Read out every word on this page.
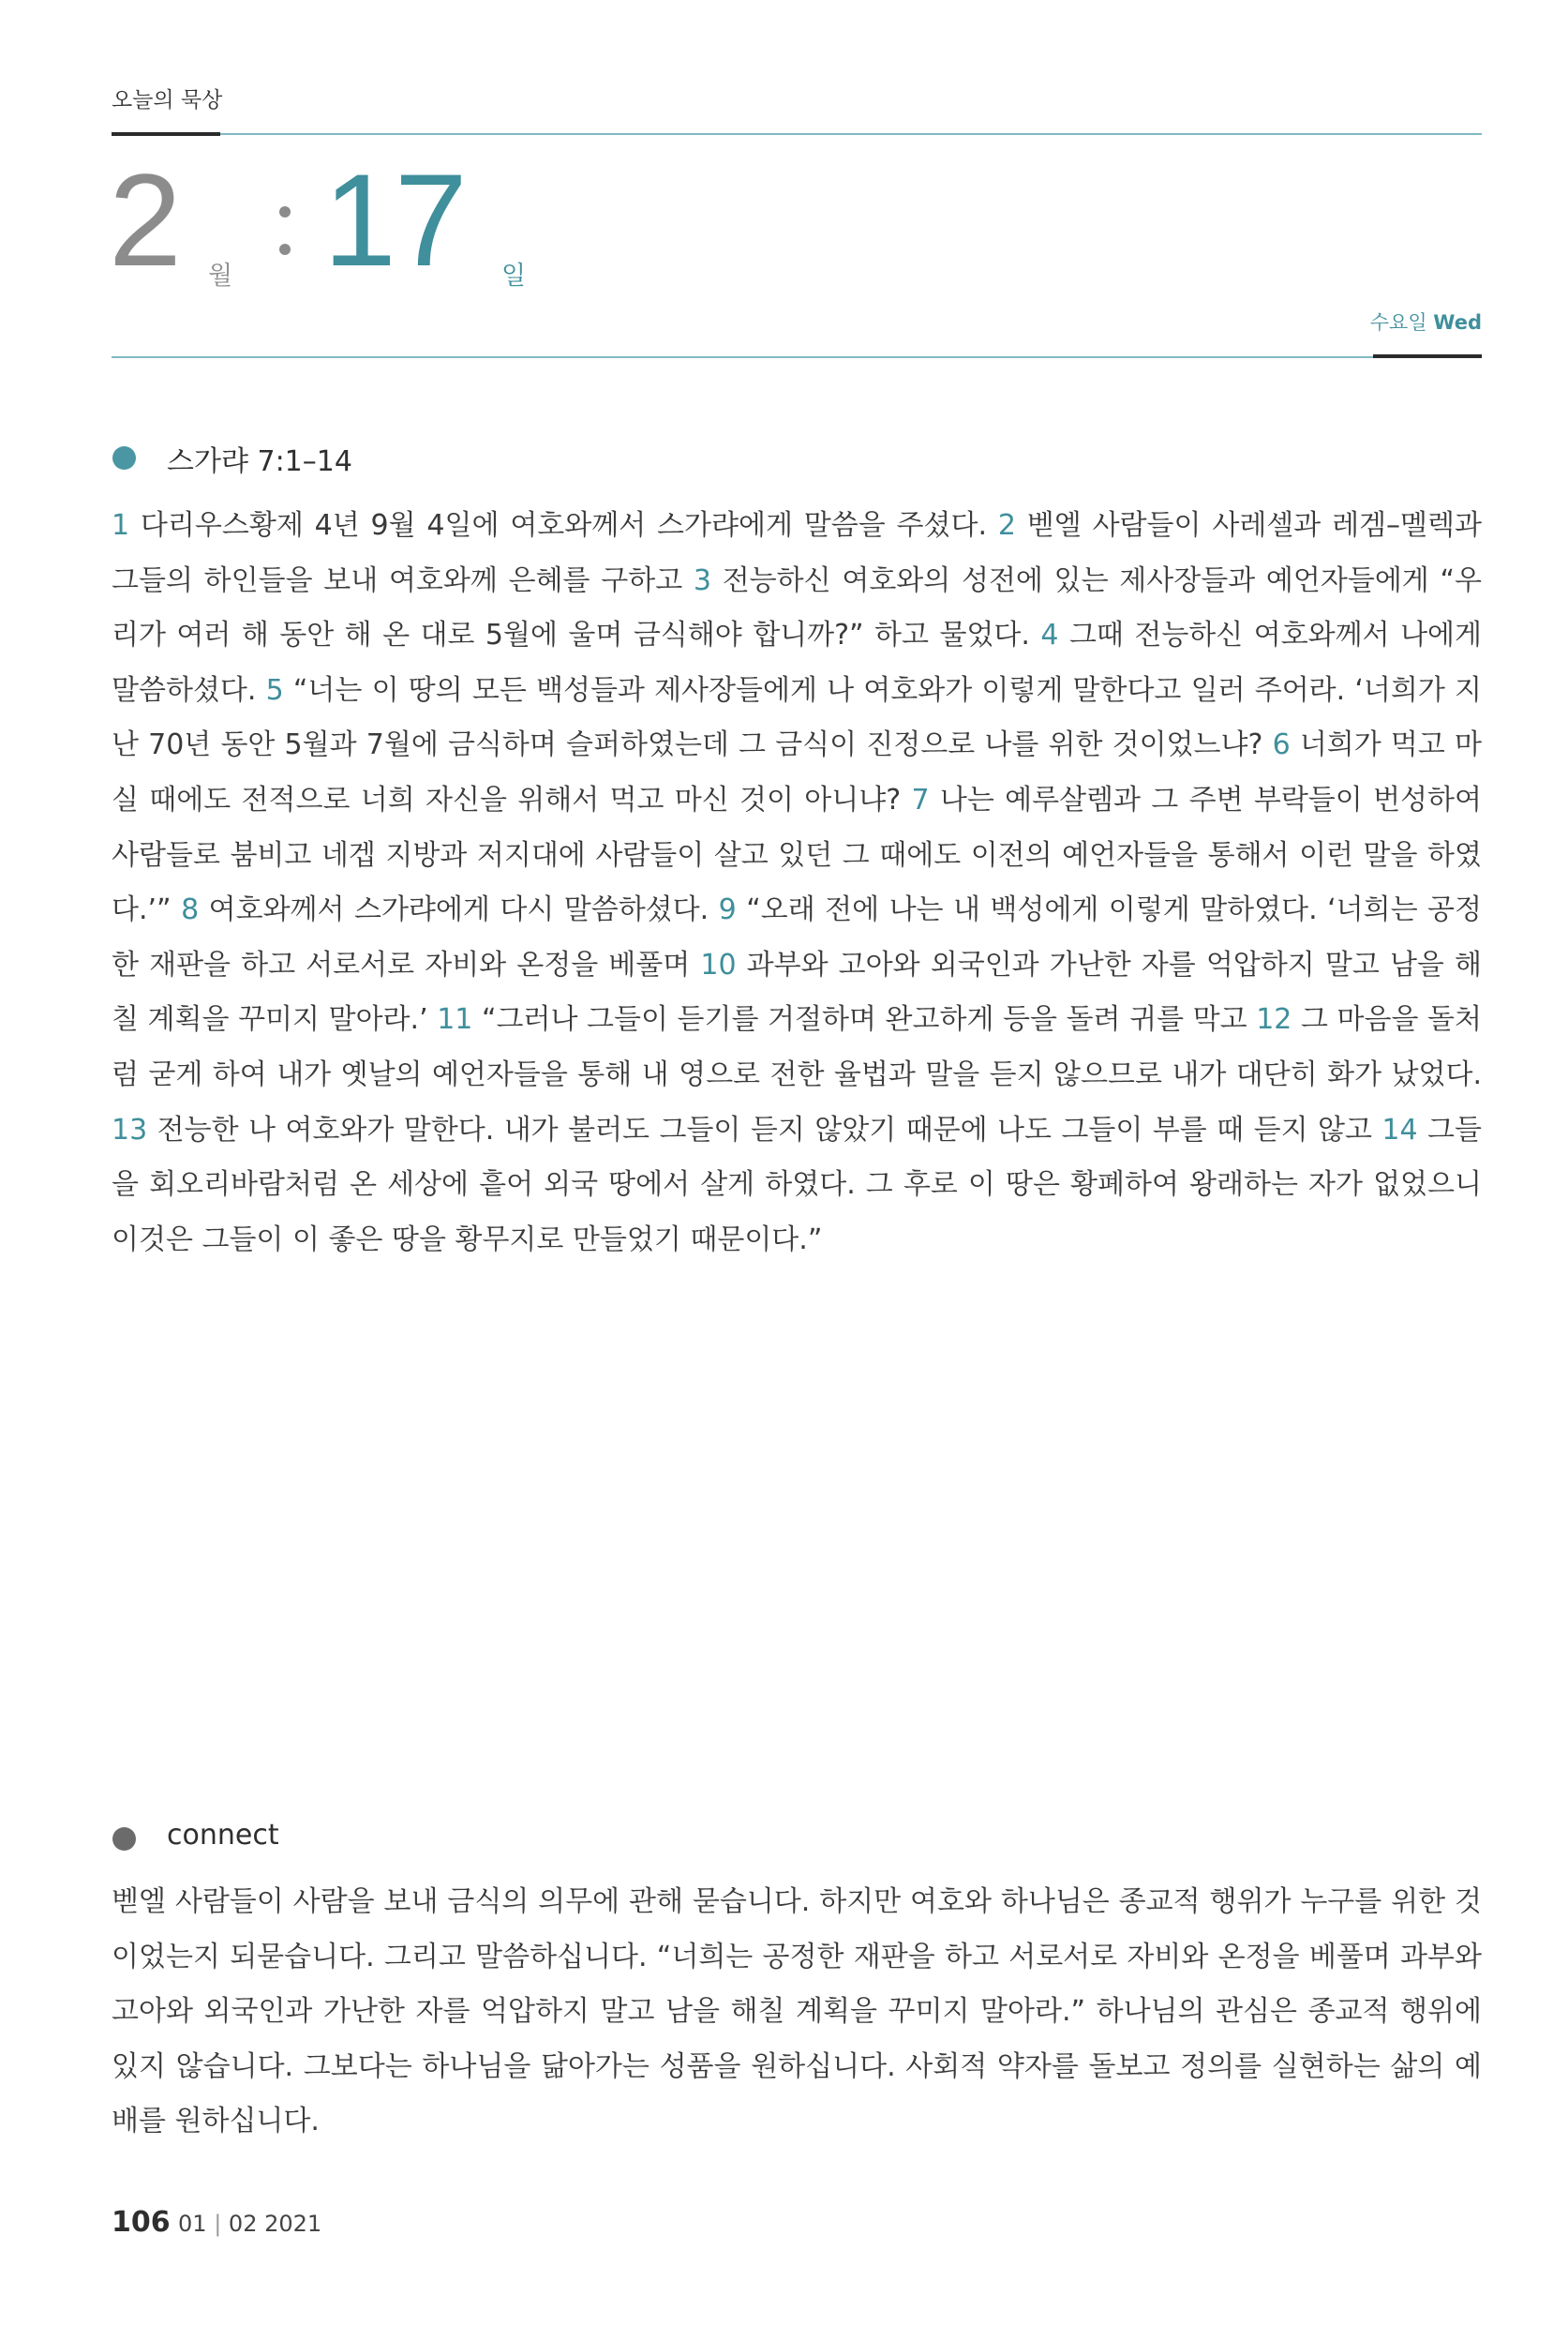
오늘의 묵상
2 월 17 일
수요일 Wed
스가랴 7:1–14
1 다리우스황제 4년 9월 4일에 여호와께서 스가랴에게 말씀을 주셨다. 2 벧엘 사람들이 사레셀과 레겜–멜렉과 그들의 하인들을 보내 여호와께 은혜를 구하고 3 전능하신 여호와의 성전에 있는 제사장들과 예언자들에게 “우리가 여러 해 동안 해 온 대로 5월에 울며 금식해야 합니까?” 하고 물었다. 4 그때 전능하신 여호와께서 나에게 말씀하셨다. 5 “너는 이 땅의 모든 백성들과 제사장들에게 나 여호와가 이렇게 말한다고 일러 주어라. ‘너희가 지난 70년 동안 5월과 7월에 금식하며 슬퍼하였는데 그 금식이 진정으로 나를 위한 것이었느냐? 6 너희가 먹고 마실 때에도 전적으로 너희 자신을 위해서 먹고 마신 것이 아니냐? 7 나는 예루살렘과 그 주변 부락들이 번성하여 사람들로 붐비고 네겝 지방과 저지대에 사람들이 살고 있던 그 때에도 이전의 예언자들을 통해서 이런 말을 하였다.’” 8 여호와께서 스가랴에게 다시 말씀하셨다. 9 “오래 전에 나는 내 백성에게 이렇게 말하였다. ‘너희는 공정한 재판을 하고 서로서로 자비와 온정을 베풀며 10 과부와 고아와 외국인과 가난한 자를 억압하지 말고 남을 해칠 계획을 꾸미지 말아라.’ 11 “그러나 그들이 듣기를 거절하며 완고하게 등을 돌려 귀를 막고 12 그 마음을 돌처럼 굳게 하여 내가 옛날의 예언자들을 통해 내 영으로 전한 율법과 말을 듣지 않으므로 내가 대단히 화가 났었다. 13 전능한 나 여호와가 말한다. 내가 불러도 그들이 듣지 않았기 때문에 나도 그들이 부를 때 듣지 않고 14 그들을 회오리바람처럼 온 세상에 흩어 외국 땅에서 살게 하였다. 그 후로 이 땅은 황폐하여 왕래하는 자가 없었으니 이것은 그들이 이 좋은 땅을 황무지로 만들었기 때문이다.”
connect
벧엘 사람들이 사람을 보내 금식의 의무에 관해 묻습니다. 하지만 여호와 하나님은 종교적 행위가 누구를 위한 것이었는지 되묻습니다. 그리고 말씀하십니다. “너희는 공정한 재판을 하고 서로서로 자비와 온정을 베풀며 과부와 고아와 외국인과 가난한 자를 억압하지 말고 남을 해칠 계획을 꾸미지 말아라.” 하나님의 관심은 종교적 행위에 있지 않습니다. 그보다는 하나님을 닮아가는 성품을 원하십니다. 사회적 약자를 돌보고 정의를 실현하는 삶의 예배를 원하십니다.
106 01 | 02 2021
